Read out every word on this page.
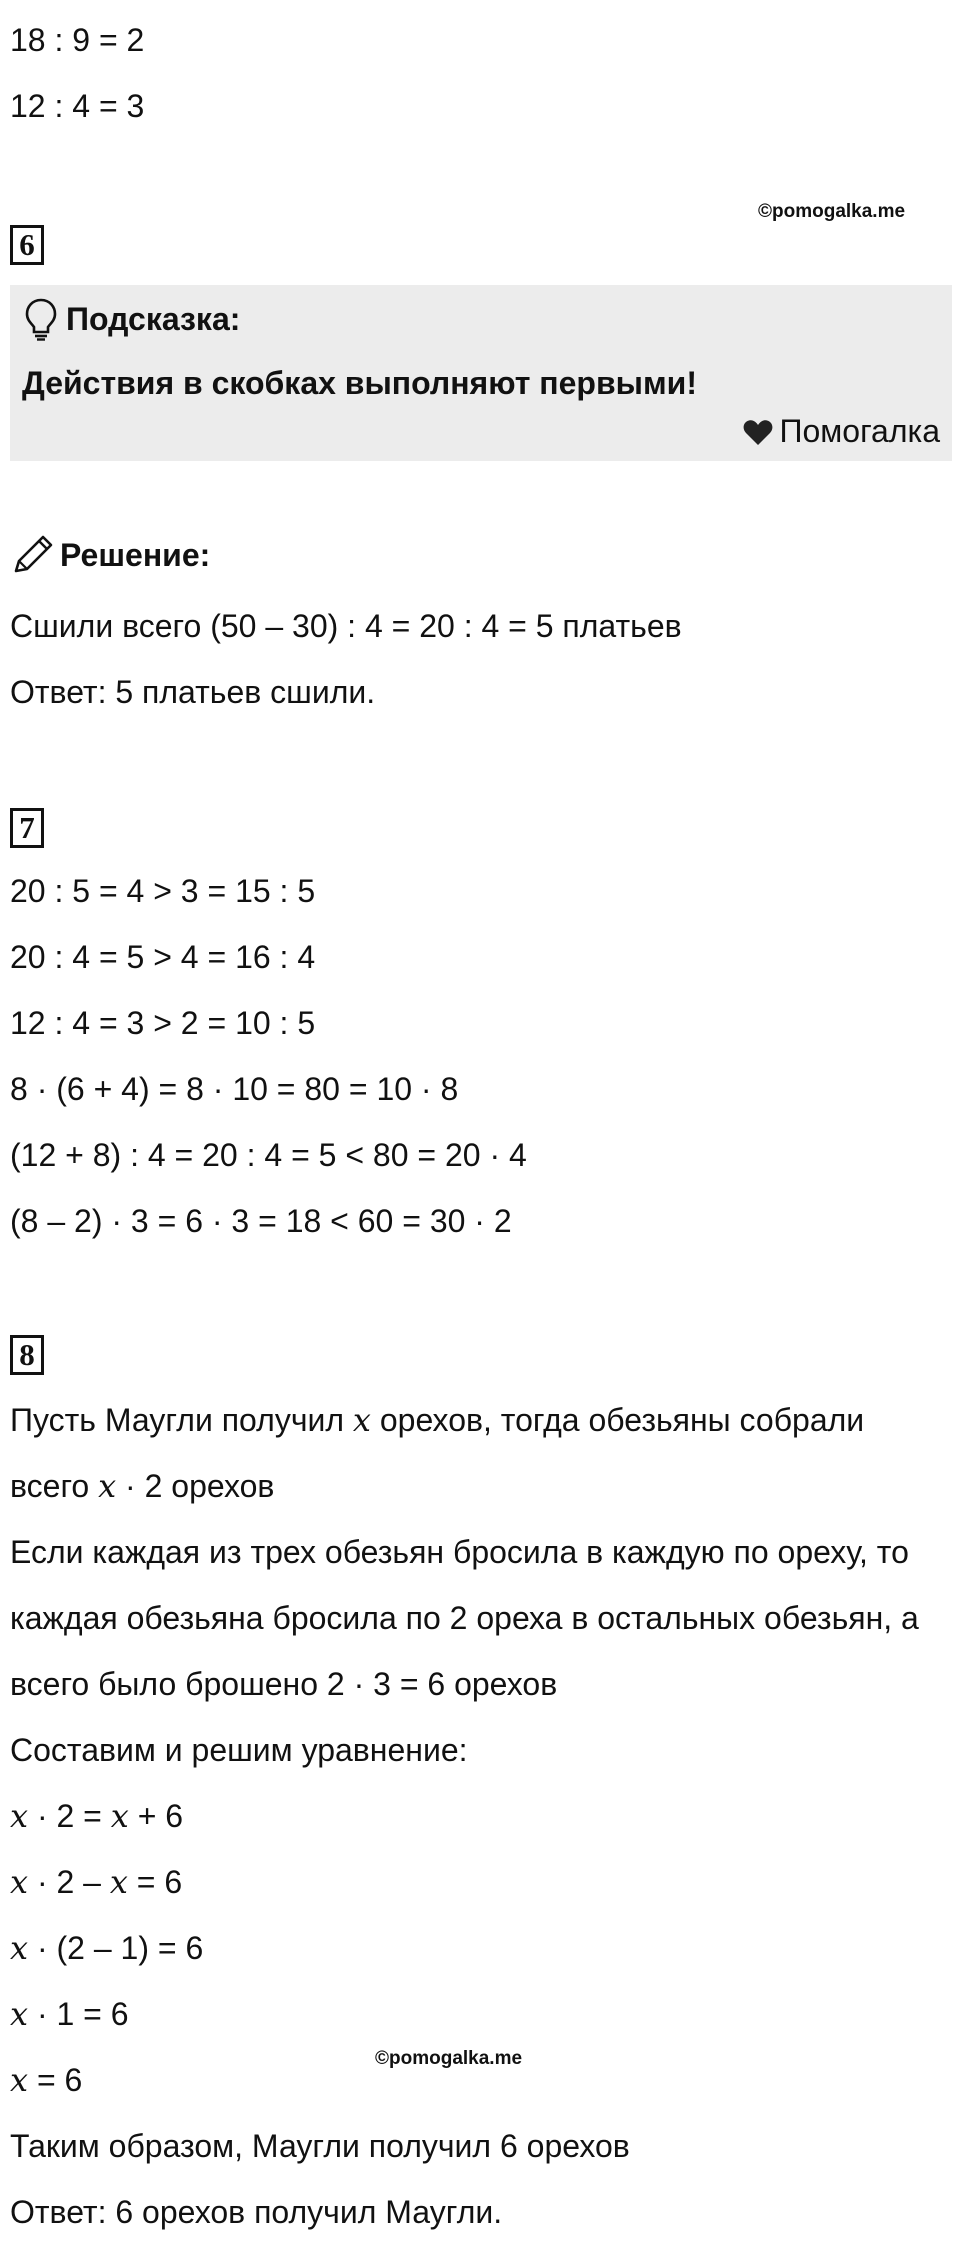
18 : 9 = 2
12 : 4 = 3
©pomogalka.me
6
Подсказка:
Действия в скобках выполняют первыми!
Помогалка
Решение:
Сшили всего (50 – 30) : 4 = 20 : 4 = 5 платьев
Ответ: 5 платьев сшили.
7
20 : 5 = 4 > 3 = 15 : 5
20 : 4 = 5 > 4 = 16 : 4
12 : 4 = 3 > 2 = 10 : 5
8 · (6 + 4) = 8 · 10 = 80 = 10 · 8
(12 + 8) : 4 = 20 : 4 = 5 < 80 = 20 · 4
(8 – 2) · 3 = 6 · 3 = 18 < 60 = 30 · 2
8
Пусть Маугли получил 𝑥 орехов, тогда обезьяны собрали
всего 𝑥 · 2 орехов
Если каждая из трех обезьян бросила в каждую по ореху, то
каждая обезьяна бросила по 2 ореха в остальных обезьян, а
всего было брошено 2 · 3 = 6 орехов
Составим и решим уравнение:
𝑥 · 2 = 𝑥 + 6
𝑥 · 2 – 𝑥 = 6
𝑥 · (2 – 1) = 6
𝑥 · 1 = 6
©pomogalka.me
𝑥 = 6
Таким образом, Маугли получил 6 орехов
Ответ: 6 орехов получил Маугли.
